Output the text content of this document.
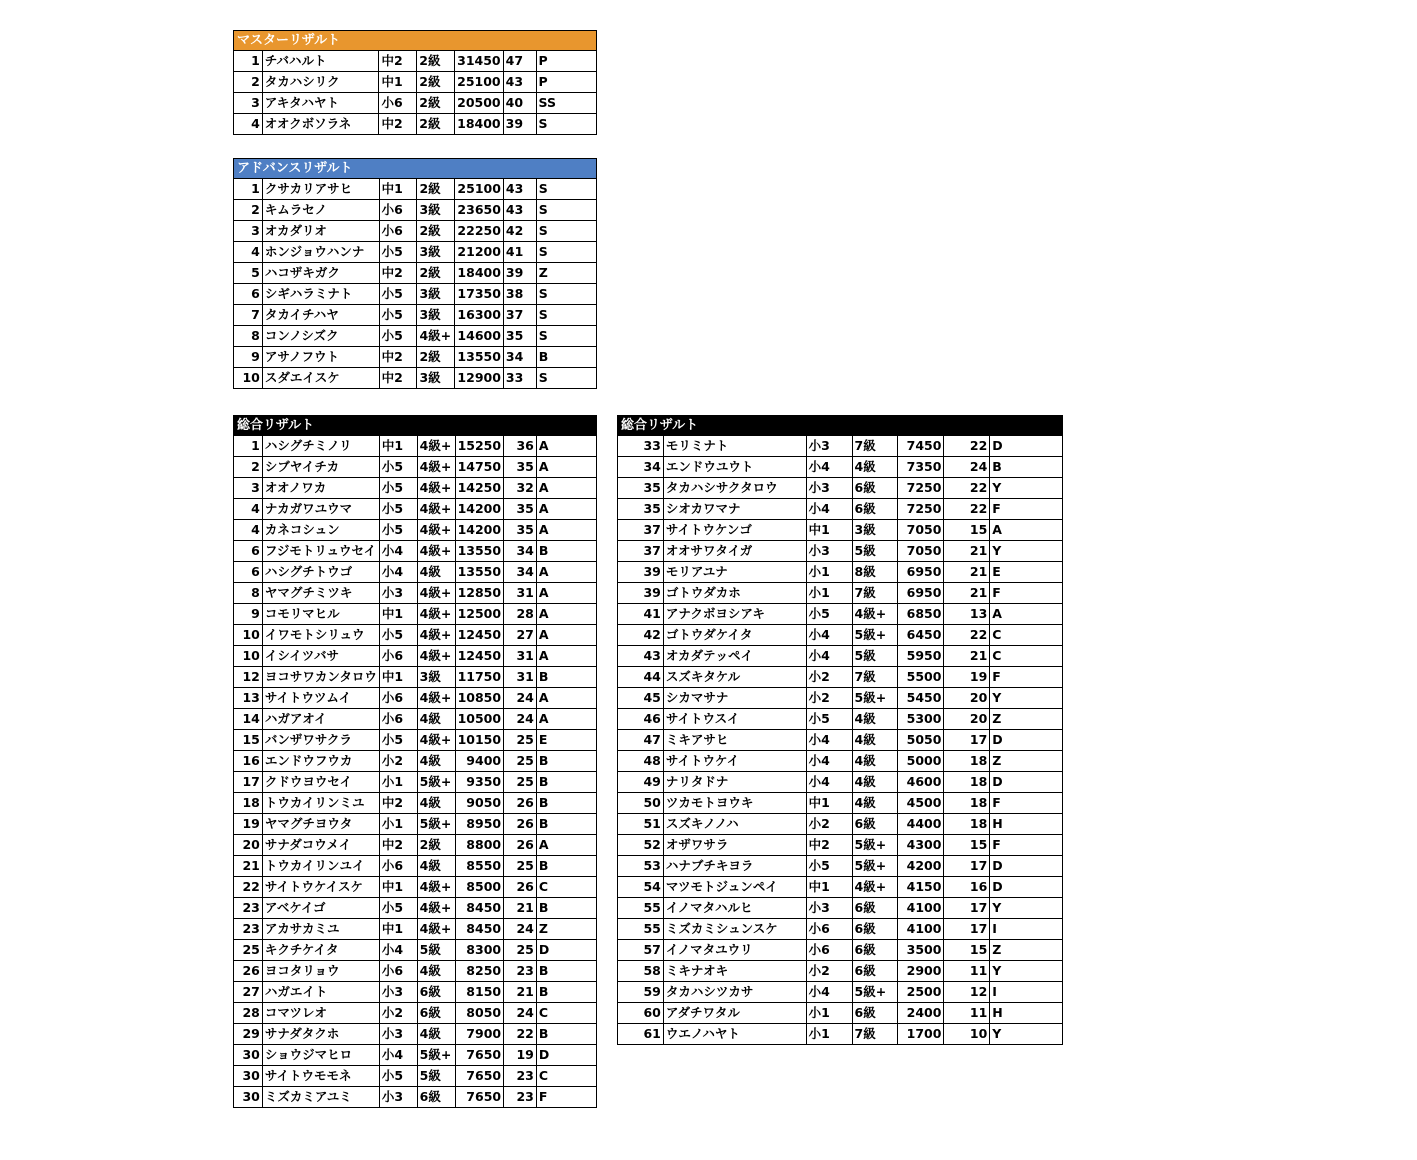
マスターリザルト
1	チバハルト	中2	2級	31450	47	P
2	タカハシリク	中1	2級	25100	43	P
3	アキタハヤト	小6	2級	20500	40	SS
4	オオクボソラネ	中2	2級	18400	39	S
アドバンスリザルト
1	クサカリアサヒ	中1	2級	25100	43	S
2	キムラセノ	小6	3級	23650	43	S
3	オカダリオ	小6	2級	22250	42	S
4	ホンジョウハンナ	小5	3級	21200	41	S
5	ハコザキガク	中2	2級	18400	39	Z
6	シギハラミナト	小5	3級	17350	38	S
7	タカイチハヤ	小5	3級	16300	37	S
8	コンノシズク	小5	4級+	14600	35	S
9	アサノフウト	中2	2級	13550	34	B
10	スダエイスケ	中2	3級	12900	33	S
総合リザルト
1	ハシグチミノリ	中1	4級+	15250	36	A
2	シブヤイチカ	小5	4級+	14750	35	A
3	オオノワカ	小5	4級+	14250	32	A
4	ナカガワユウマ	小5	4級+	14200	35	A
4	カネコシュン	小5	4級+	14200	35	A
6	フジモトリュウセイ	小4	4級+	13550	34	B
6	ハシグチトウゴ	小4	4級	13550	34	A
8	ヤマグチミツキ	小3	4級+	12850	31	A
9	コモリマヒル	中1	4級+	12500	28	A
10	イワモトシリュウ	小5	4級+	12450	27	A
10	イシイツバサ	小6	4級+	12450	31	A
12	ヨコサワカンタロウ	中1	3級	11750	31	B
13	サイトウツムイ	小6	4級+	10850	24	A
14	ハガアオイ	小6	4級	10500	24	A
15	バンザワサクラ	小5	4級+	10150	25	E
16	エンドウフウカ	小2	4級	9400	25	B
17	クドウヨウセイ	小1	5級+	9350	25	B
18	トウカイリンミユ	中2	4級	9050	26	B
19	ヤマグチヨウタ	小1	5級+	8950	26	B
20	サナダコウメイ	中2	2級	8800	26	A
21	トウカイリンユイ	小6	4級	8550	25	B
22	サイトウケイスケ	中1	4級+	8500	26	C
23	アベケイゴ	小5	4級+	8450	21	B
23	アカサカミユ	中1	4級+	8450	24	Z
25	キクチケイタ	小4	5級	8300	25	D
26	ヨコタリョウ	小6	4級	8250	23	B
27	ハガエイト	小3	6級	8150	21	B
28	コマツレオ	小2	6級	8050	24	C
29	サナダタクホ	小3	4級	7900	22	B
30	ショウジマヒロ	小4	5級+	7650	19	D
30	サイトウモモネ	小5	5級	7650	23	C
30	ミズカミアユミ	小3	6級	7650	23	F
総合リザルト
33	モリミナト	小3	7級	7450	22	D
34	エンドウユウト	小4	4級	7350	24	B
35	タカハシサクタロウ	小3	6級	7250	22	Y
35	シオカワマナ	小4	6級	7250	22	F
37	サイトウケンゴ	中1	3級	7050	15	A
37	オオサワタイガ	小3	5級	7050	21	Y
39	モリアユナ	小1	8級	6950	21	E
39	ゴトウダカホ	小1	7級	6950	21	F
41	アナクボヨシアキ	小5	4級+	6850	13	A
42	ゴトウダケイタ	小4	5級+	6450	22	C
43	オカダテッペイ	小4	5級	5950	21	C
44	スズキタケル	小2	7級	5500	19	F
45	シカマサナ	小2	5級+	5450	20	Y
46	サイトウスイ	小5	4級	5300	20	Z
47	ミキアサヒ	小4	4級	5050	17	D
48	サイトウケイ	小4	4級	5000	18	Z
49	ナリタドナ	小4	4級	4600	18	D
50	ツカモトヨウキ	中1	4級	4500	18	F
51	スズキノノハ	小2	6級	4400	18	H
52	オザワサラ	中2	5級+	4300	15	F
53	ハナブチキヨラ	小5	5級+	4200	17	D
54	マツモトジュンペイ	中1	4級+	4150	16	D
55	イノマタハルヒ	小3	6級	4100	17	Y
55	ミズカミシュンスケ	小6	6級	4100	17	I
57	イノマタユウリ	小6	6級	3500	15	Z
58	ミキナオキ	小2	6級	2900	11	Y
59	タカハシツカサ	小4	5級+	2500	12	I
60	アダチワタル	小1	6級	2400	11	H
61	ウエノハヤト	小1	7級	1700	10	Y
